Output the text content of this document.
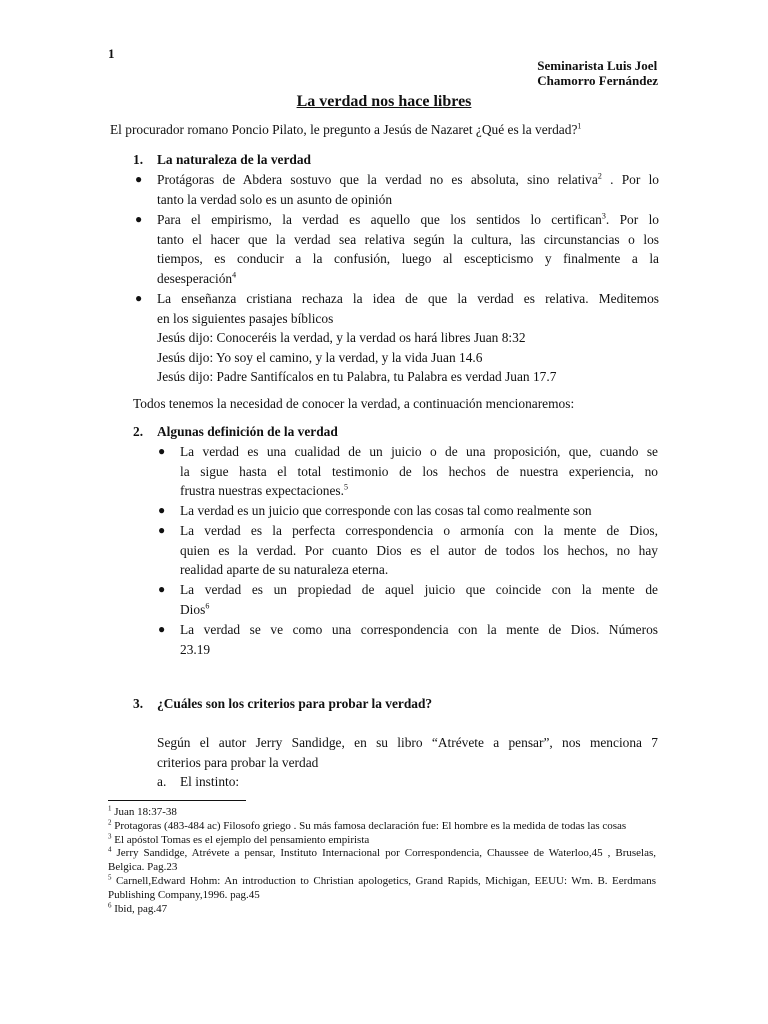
1
Seminarista Luis Joel
Chamorro Fernández
La verdad nos hace libres
El procurador romano Poncio Pilato, le pregunto a Jesús de Nazaret ¿Qué es la verdad?$^1$
1. La naturaleza de la verdad
● Protágoras de Abdera sostuvo que la verdad no es absoluta, sino relativa$^2$ . Por lo
tanto la verdad solo es un asunto de opinión
● Para el empirismo, la verdad es aquello que los sentidos lo certifican$^3$. Por lo
tanto el hacer que la verdad sea relativa según la cultura, las circunstancias o los
tiempos, es conducir a la confusión, luego al escepticismo y finalmente a la
desesperación$^4$
● La enseñanza cristiana rechaza la idea de que la verdad es relativa. Meditemos
en los siguientes pasajes bíblicos
Jesús dijo: Conoceréis la verdad, y la verdad os hará libres Juan 8:32
Jesús dijo: Yo soy el camino, y la verdad, y la vida Juan 14.6
Jesús dijo: Padre Santifícalos en tu Palabra, tu Palabra es verdad Juan 17.7
Todos tenemos la necesidad de conocer la verdad, a continuación mencionaremos:
2. Algunas definición de la verdad
● La verdad es una cualidad de un juicio o de una proposición, que, cuando se
la sigue hasta el total testimonio de los hechos de nuestra experiencia, no
frustra nuestras expectaciones.$^5$
● La verdad es un juicio que corresponde con las cosas tal como realmente son
● La verdad es la perfecta correspondencia o armonía con la mente de Dios,
quien es la verdad. Por cuanto Dios es el autor de todos los hechos, no hay
realidad aparte de su naturaleza eterna.
● La verdad es un propiedad de aquel juicio que coincide con la mente de
Dios$^6$
● La verdad se ve como una correspondencia con la mente de Dios. Números
23.19
3. ¿Cuáles son los criterios para probar la verdad?
Según el autor Jerry Sandidge, en su libro “Atrévete a pensar”, nos menciona 7
criterios para probar la verdad
a. El instinto:
$^1$ Juan 18:37-38
$^2$ Protagoras (483-484 ac) Filosofo griego . Su más famosa declaración fue: El hombre es la medida de todas las cosas
$^3$ El apóstol Tomas es el ejemplo del pensamiento empirista
$^4$ Jerry Sandidge, Atrévete a pensar, Instituto Internacional por Correspondencia, Chaussee de Waterloo,45 , Bruselas, Belgica. Pag.23
$^5$ Carnell,Edward Hohm: An introduction to Christian apologetics, Grand Rapids, Michigan, EEUU: Wm. B. Eerdmans Publishing Company,1996. pag.45
$^6$ Ibid, pag.47
